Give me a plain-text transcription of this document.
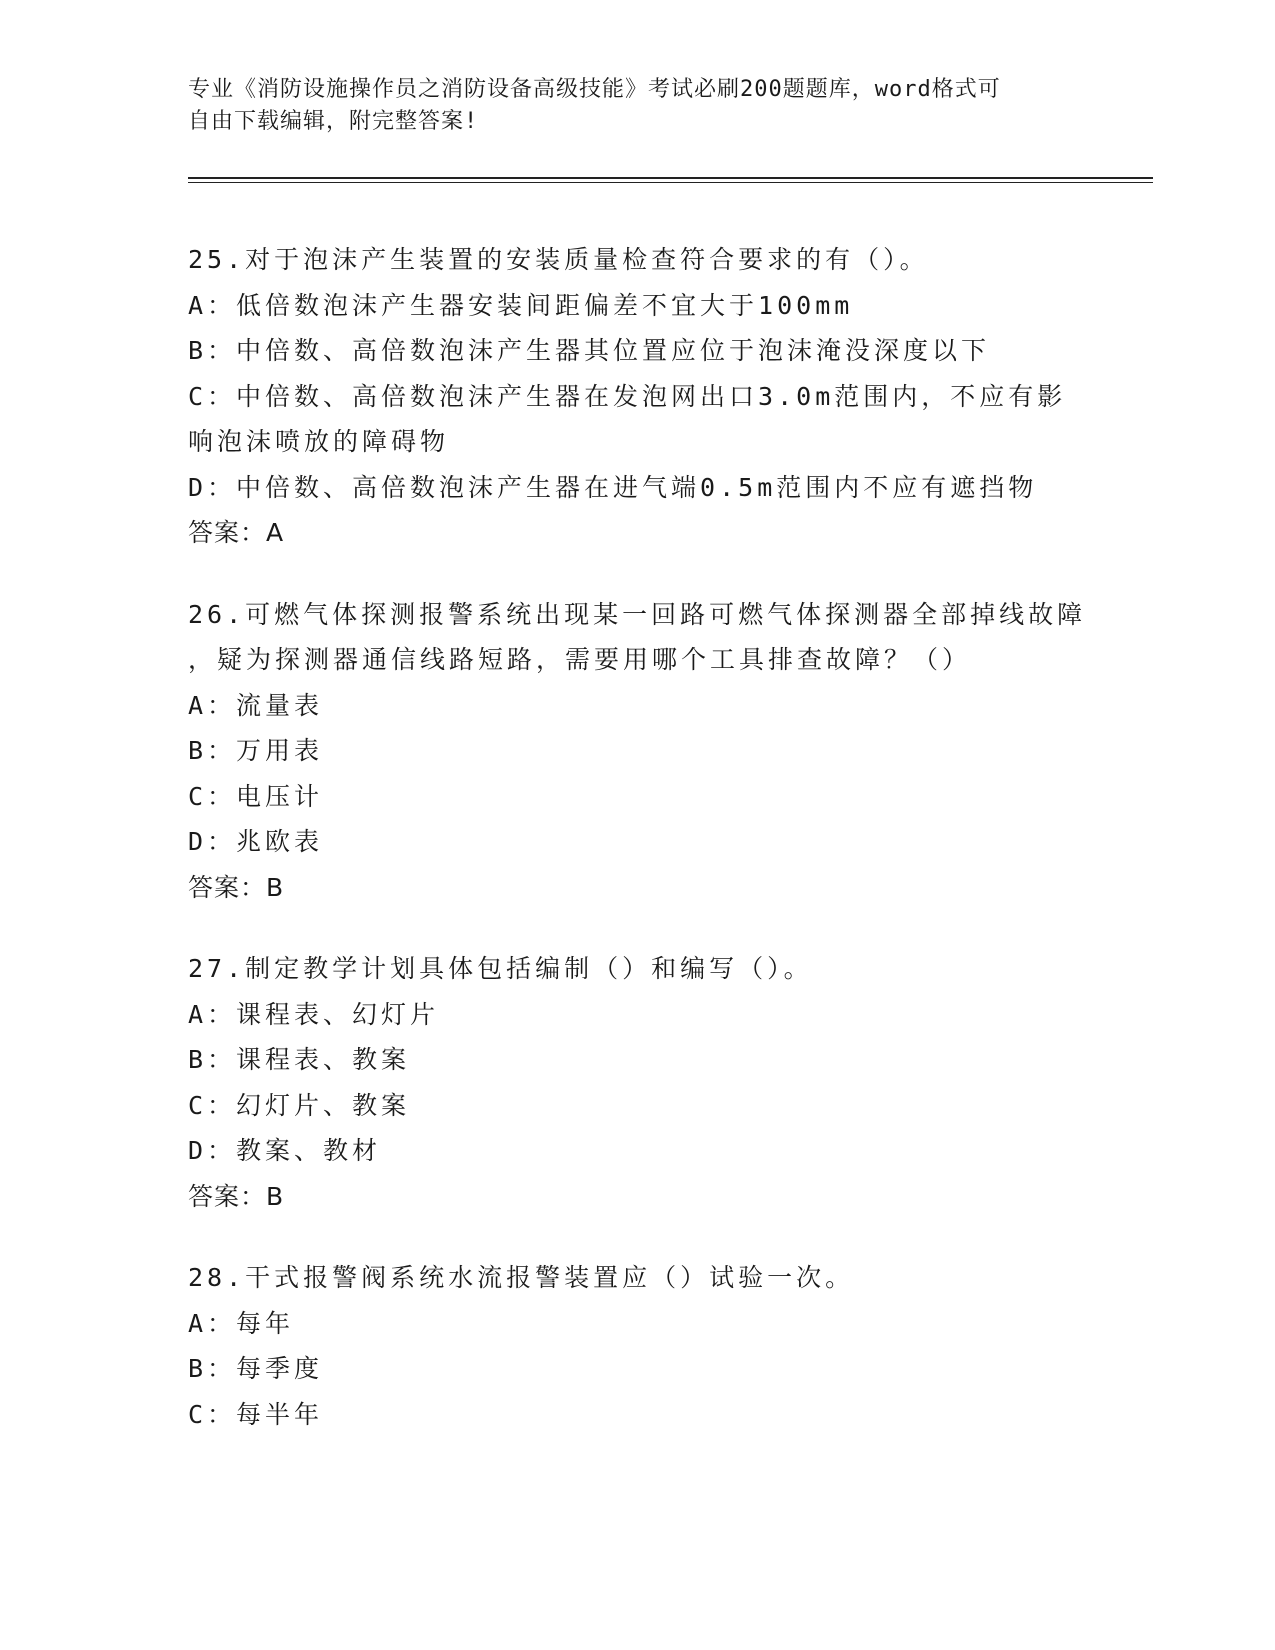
专业《消防设施操作员之消防设备高级技能》考试必刷200题题库，word格式可
自由下载编辑，附完整答案!
25.对于泡沫产生装置的安装质量检查符合要求的有（）。
A：低倍数泡沫产生器安装间距偏差不宜大于100mm
B：中倍数、高倍数泡沫产生器其位置应位于泡沫淹没深度以下
C：中倍数、高倍数泡沫产生器在发泡网出口3.0m范围内，不应有影
响泡沫喷放的障碍物
D：中倍数、高倍数泡沫产生器在进气端0.5m范围内不应有遮挡物
答案：A
26.可燃气体探测报警系统出现某一回路可燃气体探测器全部掉线故障
，疑为探测器通信线路短路，需要用哪个工具排查故障？（）
A：流量表
B：万用表
C：电压计
D：兆欧表
答案：B
27.制定教学计划具体包括编制（）和编写（）。
A：课程表、幻灯片
B：课程表、教案
C：幻灯片、教案
D：教案、教材
答案：B
28.干式报警阀系统水流报警装置应（）试验一次。
A：每年
B：每季度
C：每半年
